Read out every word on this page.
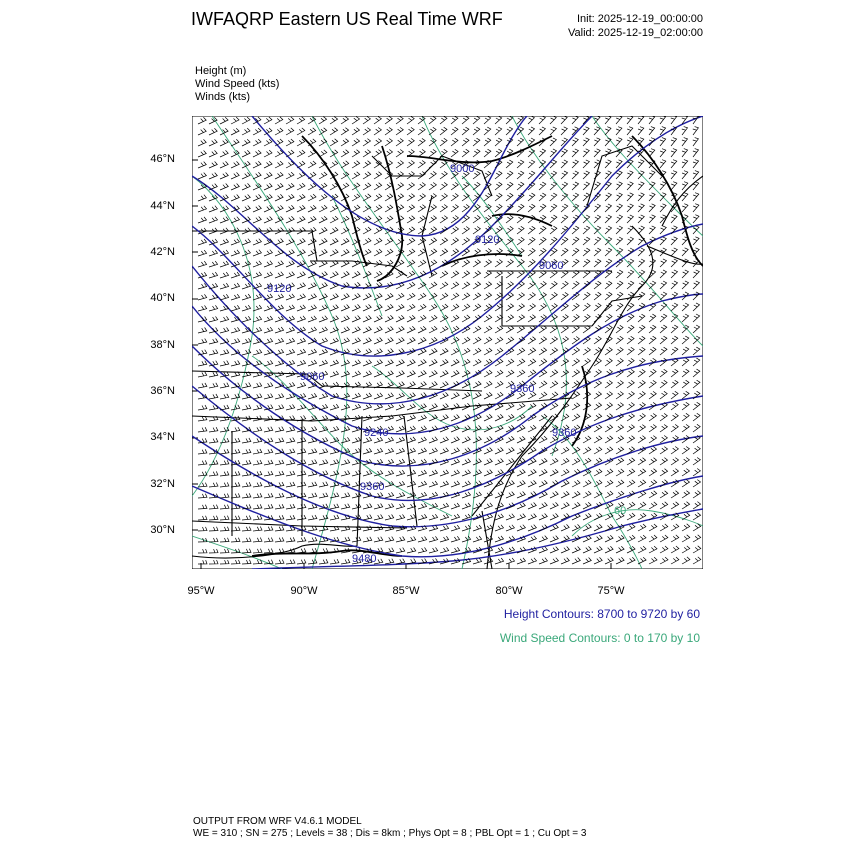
IWFAQRP Eastern US Real Time WRF	Init: 2025-12-19_00:00:00
Valid: 2025-12-19_02:00:00
Height (m)
Wind Speed (kts)
Winds (kts)
46°N
44°N
42°N
40°N
38°N
36°N
34°N
32°N
30°N
95°W	90°W	85°W	80°W	75°W
9000
9120
9120
9060
9060
9360
9240
9360
9360
9480
60
Height Contours: 8700 to 9720 by 60
Wind Speed Contours: 0 to 170 by 10
OUTPUT FROM WRF V4.6.1 MODEL
WE = 310 ; SN = 275 ; Levels = 38 ; Dis = 8km ; Phys Opt = 8 ; PBL Opt = 1 ; Cu Opt = 3
